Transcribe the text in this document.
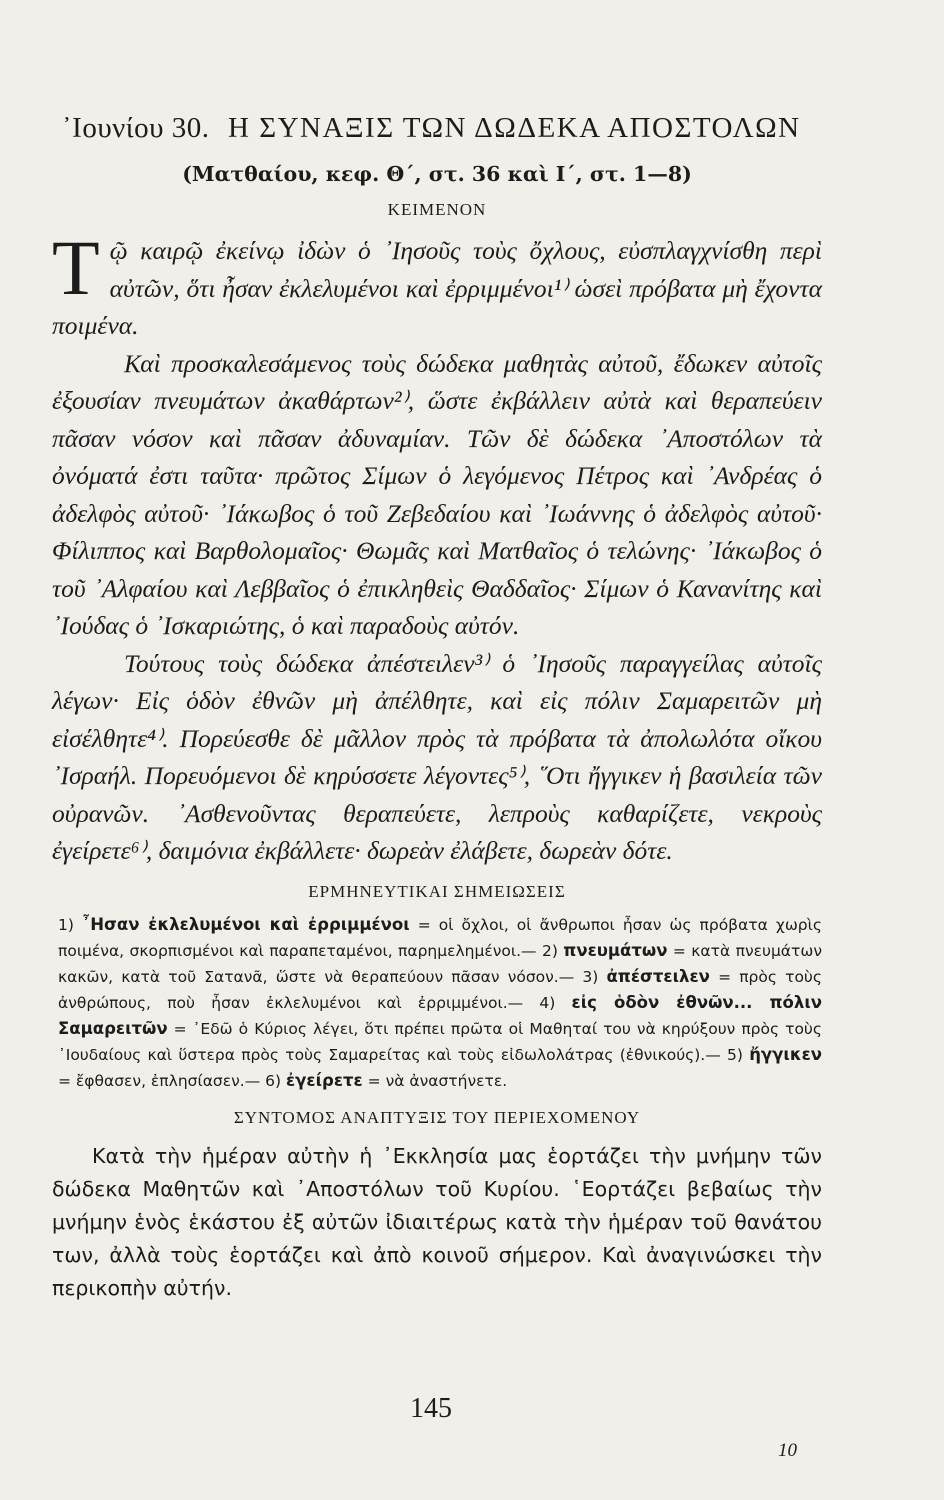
᾽Ιουνίου 30. Η ΣΥΝΑΞΙΣ ΤΩΝ ΔΩΔΕΚΑ ΑΠΟΣΤΟΛΩΝ
(Ματθαίου, κεφ. Θ΄, στ. 36 καὶ Ι΄, στ. 1—8)
ΚΕΙΜΕΝΟΝ

Τῷ καιρῷ ἐκείνῳ ἰδὼν ὁ ᾽Ιησοῦς τοὺς ὄχλους, εὐσπλαγχνίσθη περὶ αὐτῶν, ὅτι ἦσαν ἐκλελυμένοι καὶ ἐρριμμένοι¹⁾ ὡσεὶ πρόβατα μὴ ἔχοντα ποιμένα.

Καὶ προσκαλεσάμενος τοὺς δώδεκα μαθητὰς αὐτοῦ, ἔδωκεν αὐτοῖς ἐξουσίαν πνευμάτων ἀκαθάρτων²⁾, ὥστε ἐκβάλλειν αὐτὰ καὶ θεραπεύειν πᾶσαν νόσον καὶ πᾶσαν ἀδυναμίαν. Τῶν δὲ δώδεκα ᾽Αποστόλων τὰ ὀνόματά ἐστι ταῦτα· πρῶτος Σίμων ὁ λεγόμενος Πέτρος καὶ ᾽Ανδρέας ὁ ἀδελφὸς αὐτοῦ· ᾽Ιάκωβος ὁ τοῦ Ζεβεδαίου καὶ ᾽Ιωάννης ὁ ἀδελφὸς αὐτοῦ· Φίλιππος καὶ Βαρθολομαῖος· Θωμᾶς καὶ Ματθαῖος ὁ τελώνης· ᾽Ιάκωβος ὁ τοῦ ᾽Αλφαίου καὶ Λεββαῖος ὁ ἐπικληθεὶς Θαδδαῖος· Σίμων ὁ Κανανίτης καὶ ᾽Ιούδας ὁ ᾽Ισκαριώτης, ὁ καὶ παραδοὺς αὐτόν.

Τούτους τοὺς δώδεκα ἀπέστειλεν³⁾ ὁ ᾽Ιησοῦς παραγγείλας αὐτοῖς λέγων· Εἰς ὁδὸν ἐθνῶν μὴ ἀπέλθητε, καὶ εἰς πόλιν Σαμαρειτῶν μὴ εἰσέλθητε⁴⁾. Πορεύεσθε δὲ μᾶλλον πρὸς τὰ πρόβατα τὰ ἀπολωλότα οἴκου ᾽Ισραήλ. Πορευόμενοι δὲ κηρύσσετε λέγοντες⁵⁾, ῞Οτι ἤγγικεν ἡ βασιλεία τῶν οὐρανῶν. ᾽Ασθενοῦντας θεραπεύετε, λεπροὺς καθαρίζετε, νεκροὺς ἐγείρετε⁶⁾, δαιμόνια ἐκβάλλετε· δωρεὰν ἐλάβετε, δωρεὰν δότε.

ΕΡΜΗΝΕΥΤΙΚΑΙ ΣΗΜΕΙΩΣΕΙΣ

1) ῏Ησαν ἐκλελυμένοι καὶ ἐρριμμένοι = οἱ ὄχλοι, οἱ ἄνθρωποι ἦσαν ὡς πρόβατα χωρὶς ποιμένα, σκορπισμένοι καὶ παραπεταμένοι, παρημελημένοι.— 2) πνευμάτων = κατὰ πνευμάτων κακῶν, κατὰ τοῦ Σατανᾶ, ὥστε νὰ θεραπεύουν πᾶσαν νόσον.— 3) ἀπέστειλεν = πρὸς τοὺς ἀνθρώπους, ποὺ ἦσαν ἐκλελυμένοι καὶ ἐρριμμένοι.— 4) εἰς ὁδὸν ἐθνῶν... πόλιν Σαμαρειτῶν = ᾿Εδῶ ὁ Κύριος λέγει, ὅτι πρέπει πρῶτα οἱ Μαθηταί του νὰ κηρύξουν πρὸς τοὺς ᾽Ιουδαίους καὶ ὕστερα πρὸς τοὺς Σαμαρείτας καὶ τοὺς εἰδωλολάτρας (ἐθνικούς).— 5) ἤγγικεν = ἔφθασεν, ἐπλησίασεν.— 6) ἐγείρετε = νὰ ἀναστήνετε.

ΣΥΝΤΟΜΟΣ ΑΝΑΠΤΥΞΙΣ ΤΟΥ ΠΕΡΙΕΧΟΜΕΝΟΥ

Κατὰ τὴν ἡμέραν αὐτὴν ἡ ᾽Εκκλησία μας ἑορτάζει τὴν μνήμην τῶν δώδεκα Μαθητῶν καὶ ᾽Αποστόλων τοῦ Κυρίου. ῾Εορτάζει βεβαίως τὴν μνήμην ἑνὸς ἑκάστου ἐξ αὐτῶν ἰδιαιτέρως κατὰ τὴν ἡμέραν τοῦ θανάτου των, ἀλλὰ τοὺς ἑορτάζει καὶ ἀπὸ κοινοῦ σήμερον. Καὶ ἀναγινώσκει τὴν περικοπὴν αὐτήν.

145
10
